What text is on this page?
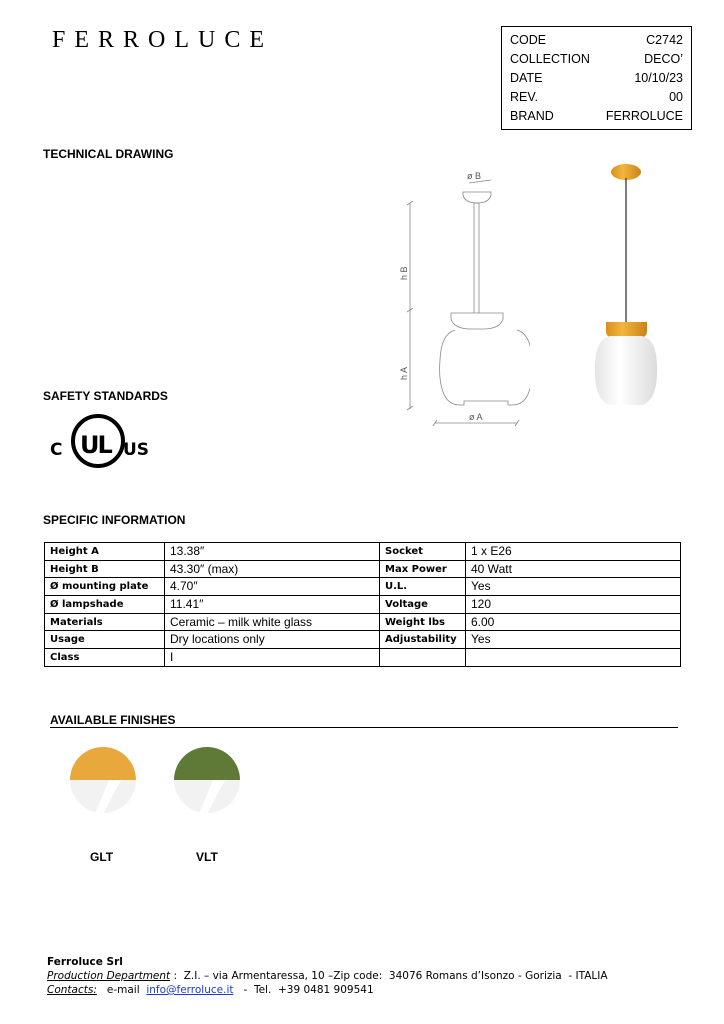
FERROLUCE	CODE	C2742
COLLECTION	DECO’
DATE	10/10/23
REV.	00
BRAND	FERROLUCE
TECHNICAL DRAWING
ø B
ø A
h B
h A
SAFETY STANDARDS
C	US
UL
SPECIFIC INFORMATION
Height A	13.38″	Socket	1 x E26
Height B	43.30″ (max)	Max Power	40 Watt
Ø mounting plate	4.70″	U.L.	Yes
Ø lampshade	11.41″	Voltage	120
Materials	Ceramic – milk white glass	Weight lbs	6.00
Usage	Dry locations only	Adjustability	Yes
Class	I		
AVAILABLE FINISHES
GLT	VLT
Ferroluce Srl
Production Department :  Z.I. – via Armentaressa, 10 –Zip code:  34076 Romans d’Isonzo - Gorizia  - ITALIA
Contacts:   e-mail  info@ferroluce.it   -  Tel.  +39 0481 909541
